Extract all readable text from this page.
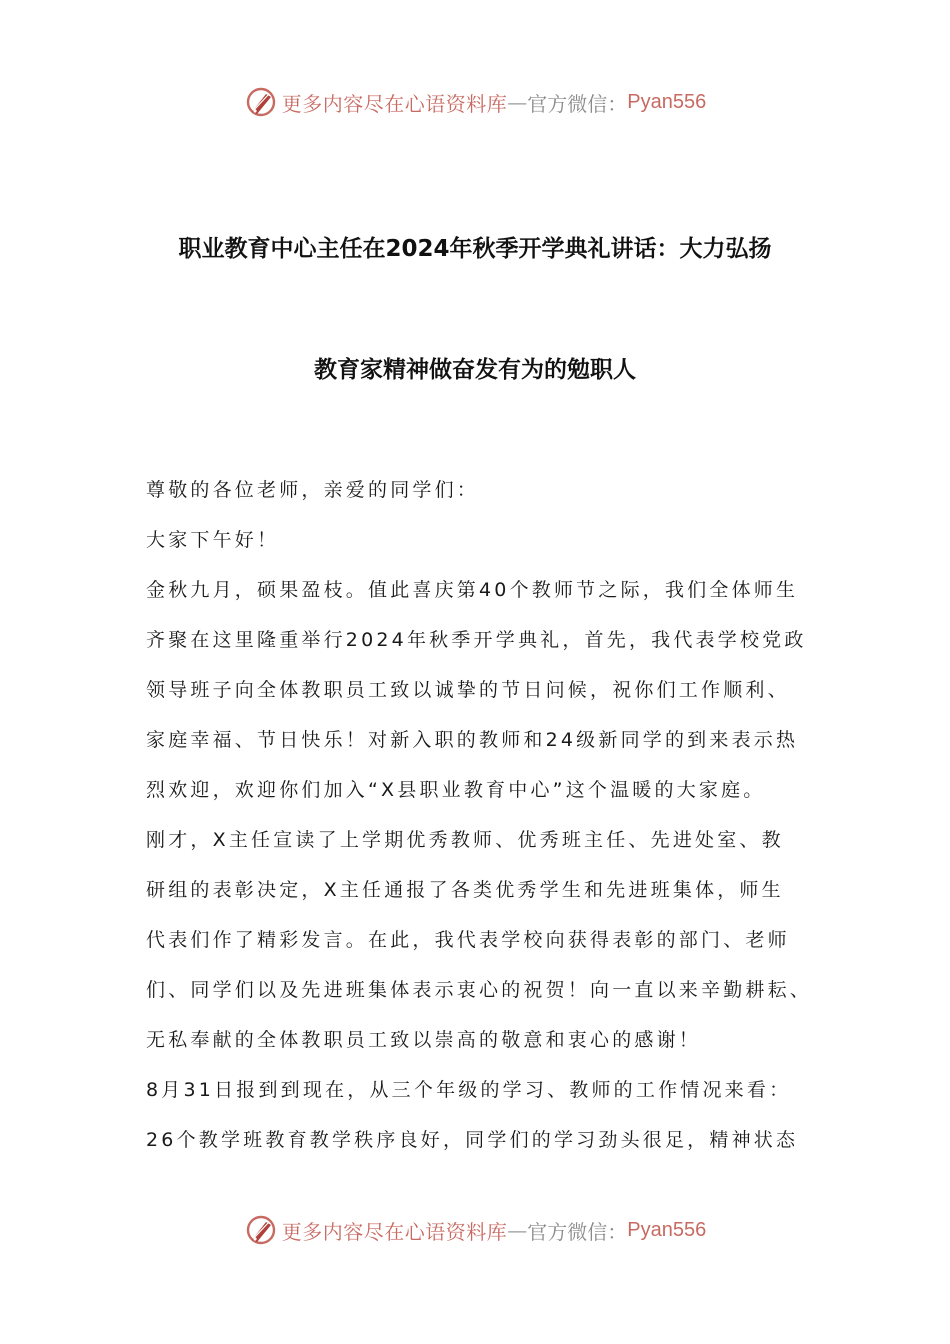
更多内容尽在心语资料库 — 官方微信： Pyan556
职业教育中心主任在2024年秋季开学典礼讲话：大力弘扬
教育家精神做奋发有为的勉职人

尊敬的各位老师，亲爱的同学们：

大家下午好！

金秋九月，硕果盈枝。值此喜庆第40个教师节之际，我们全体师生

齐聚在这里隆重举行2024年秋季开学典礼，首先，我代表学校党政

领导班子向全体教职员工致以诚挚的节日问候，祝你们工作顺利、

家庭幸福、节日快乐！对新入职的教师和24级新同学的到来表示热

烈欢迎，欢迎你们加入“X县职业教育中心”这个温暖的大家庭。

刚才，X主任宣读了上学期优秀教师、优秀班主任、先进处室、教

研组的表彰决定，X主任通报了各类优秀学生和先进班集体，师生

代表们作了精彩发言。在此，我代表学校向获得表彰的部门、老师

们、同学们以及先进班集体表示衷心的祝贺！向一直以来辛勤耕耘、

无私奉献的全体教职员工致以崇高的敬意和衷心的感谢！

8月31日报到到现在，从三个年级的学习、教师的工作情况来看：

26个教学班教育教学秩序良好，同学们的学习劲头很足，精神状态

更多内容尽在心语资料库 — 官方微信： Pyan556
